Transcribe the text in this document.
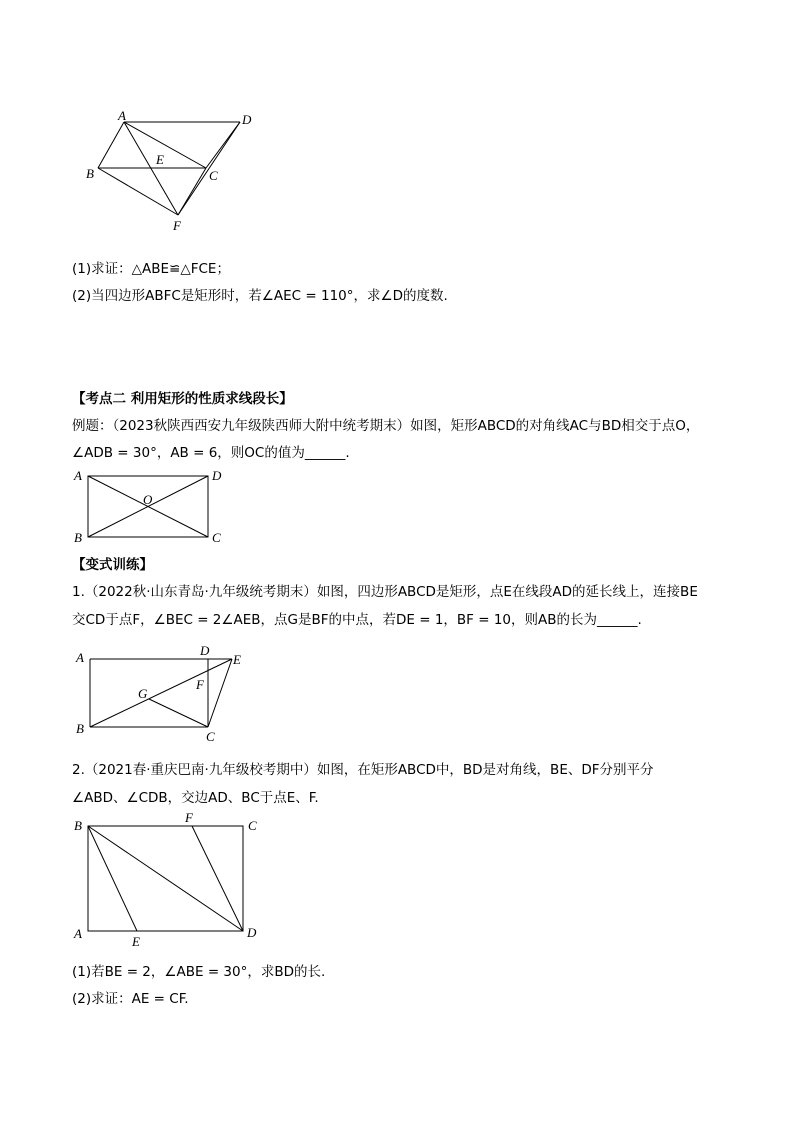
A	D
B
E
C
F
(1)求证：△ABE≌△FCE；
(2)当四边形ABFC是矩形时，若∠AEC = 110°，求∠D的度数.
【考点二 利用矩形的性质求线段长】
例题：（2023秋陕西西安九年级陕西师大附中统考期末）如图，矩形ABCD的对角线AC与BD相交于点O，
∠ADB = 30°，AB = 6，则OC的值为______.
A	D
B	C
O
【变式训练】
1.（2022秋·山东青岛·九年级统考期末）如图，四边形ABCD是矩形，点E在线段AD的延长线上，连接BE
交CD于点F，∠BEC = 2∠AEB，点G是BF的中点，若DE = 1，BF = 10，则AB的长为______.
A	D
E
F
G
B
C
2.（2021春·重庆巴南·九年级校考期中）如图，在矩形ABCD中，BD是对角线，BE、DF分别平分
∠ABD、∠CDB，交边AD、BC于点E、F.
B
F
C
A
E
D
(1)若BE = 2，∠ABE = 30°，求BD的长.
(2)求证：AE = CF.
